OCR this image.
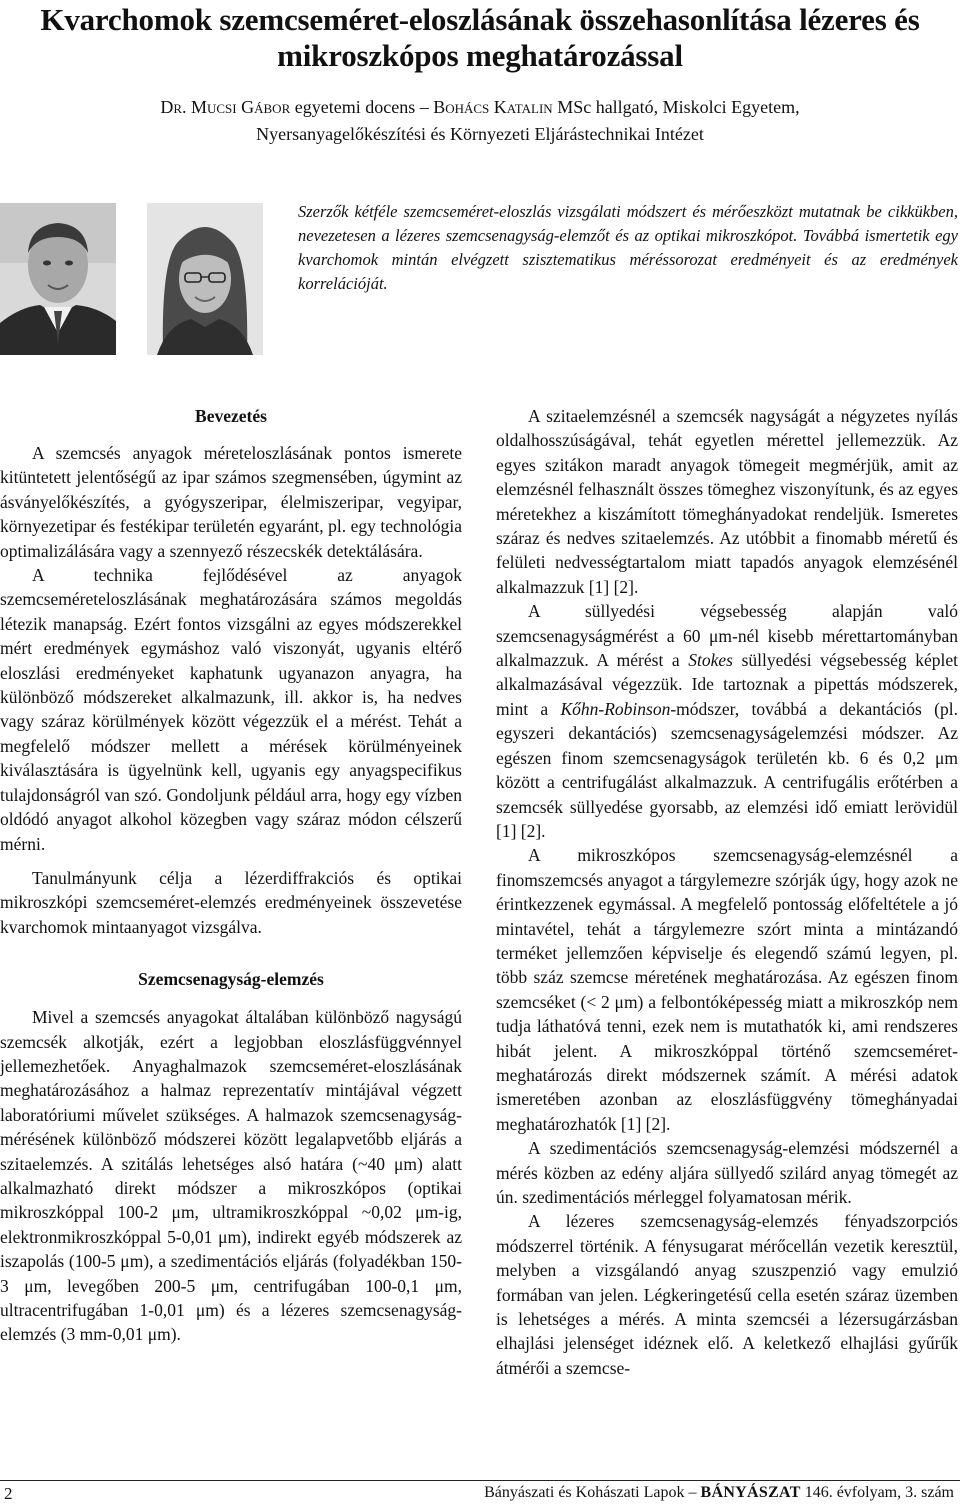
Kvarchomok szemcseméret-eloszlásának összehasonlítása lézeres és mikroszkópos meghatározással
Dr. Mucsi Gábor egyetemi docens – Bohács Katalin MSc hallgató, Miskolci Egyetem,
Nyersanyagelőkészítési és Környezeti Eljárástechnikai Intézet
Szerzők kétféle szemcseméret-eloszlás vizsgálati módszert és mérőeszközt mutatnak be cikkükben, nevezetesen a lézeres szemcsenagyság-elemzőt és az optikai mikroszkópot. Továbbá ismertetik egy kvarchomok mintán elvégzett szisztematikus méréssorozat eredményeit és az eredmények korrelációját.
Bevezetés

A szemcsés anyagok méreteloszlásának pontos ismerete kitüntetett jelentőségű az ipar számos szegmensében, úgymint az ásványelőkészítés, a gyógyszeripar, élelmiszeripar, vegyipar, környezetipar és festékipar területén egyaránt, pl. egy technológia optimalizálására vagy a szennyező részecskék detektálására.

A technika fejlődésével az anyagok szemcseméreteloszlásának meghatározására számos megoldás létezik manapság. Ezért fontos vizsgálni az egyes módszerekkel mért eredmények egymáshoz való viszonyát, ugyanis eltérő eloszlási eredményeket kaphatunk ugyanazon anyagra, ha különböző módszereket alkalmazunk, ill. akkor is, ha nedves vagy száraz körülmények között végezzük el a mérést. Tehát a megfelelő módszer mellett a mérések körülményeinek kiválasztására is ügyelnünk kell, ugyanis egy anyagspecifikus tulajdonságról van szó. Gondoljunk például arra, hogy egy vízben oldódó anyagot alkohol közegben vagy száraz módon célszerű mérni.

Tanulmányunk célja a lézerdiffrakciós és optikai mikroszkópi szemcseméret-elemzés eredményeinek összevetése kvarchomok mintaanyagot vizsgálva.

Szemcsenagyság-elemzés

Mivel a szemcsés anyagokat általában különböző nagyságú szemcsék alkotják, ezért a legjobban eloszlásfüggvénnyel jellemezhetőek. Anyaghalmazok szemcseméret-eloszlásának meghatározásához a halmaz reprezentatív mintájával végzett laboratóriumi művelet szükséges. A halmazok szemcsenagyság-mérésének különböző módszerei között legalapvetőbb eljárás a szitaelemzés. A szitálás lehetséges alsó határa (~40 μm) alatt alkalmazható direkt módszer a mikroszkópos (optikai mikroszkóppal 100-2 μm, ultramikroszkóppal ~0,02 μm-ig, elektronmikroszkóppal 5-0,01 μm), indirekt egyéb módszerek az iszapolás (100-5 μm), a szedimentációs eljárás (folyadékban 150-3 μm, levegőben 200-5 μm, centrifugában 100-0,1 μm, ultracentrifugában 1-0,01 μm) és a lézeres szemcsenagyság-elemzés (3 mm-0,01 μm).

A szitaelemzésnél a szemcsék nagyságát a négyzetes nyílás oldalhosszúságával, tehát egyetlen mérettel jellemezzük. Az egyes szitákon maradt anyagok tömegeit megmérjük, amit az elemzésnél felhasznált összes tömeghez viszonyítunk, és az egyes méretekhez a kiszámított tömeghányadokat rendeljük. Ismeretes száraz és nedves szitaelemzés. Az utóbbit a finomabb méretű és felületi nedvességtartalom miatt tapadós anyagok elemzésénél alkalmazzuk [1] [2].

A süllyedési végsebesség alapján való szemcsenagyságmérést a 60 μm-nél kisebb mérettartományban alkalmazzuk. A mérést a Stokes süllyedési végsebesség képlet alkalmazásával végezzük. Ide tartoznak a pipettás módszerek, mint a Kőhn-Robinson-módszer, továbbá a dekantációs (pl. egyszeri dekantációs) szemcsenagyságelemzési módszer. Az egészen finom szemcsenagyságok területén kb. 6 és 0,2 μm között a centrifugálást alkalmazzuk. A centrifugális erőtérben a szemcsék süllyedése gyorsabb, az elemzési idő emiatt lerövidül [1] [2].

A mikroszkópos szemcsenagyság-elemzésnél a finomszemcsés anyagot a tárgylemezre szórják úgy, hogy azok ne érintkezzenek egymással. A megfelelő pontosság előfeltétele a jó mintavétel, tehát a tárgylemezre szórt minta a mintázandó terméket jellemzően képviselje és elegendő számú legyen, pl. több száz szemcse méretének meghatározása. Az egészen finom szemcséket (< 2 μm) a felbontóképesség miatt a mikroszkóp nem tudja láthatóvá tenni, ezek nem is mutathatók ki, ami rendszeres hibát jelent. A mikroszkóppal történő szemcseméret-meghatározás direkt módszernek számít. A mérési adatok ismeretében azonban az eloszlásfüggvény tömeghányadai meghatározhatók [1] [2].

A szedimentációs szemcsenagyság-elemzési módszernél a mérés közben az edény aljára süllyedő szilárd anyag tömegét az ún. szedimentációs mérleggel folyamatosan mérik.

A lézeres szemcsenagyság-elemzés fényadszorpciós módszerrel történik. A fénysugarat mérőcellán vezetik keresztül, melyben a vizsgálandó anyag szuszpenzió vagy emulzió formában van jelen. Légkeringetésű cella esetén száraz üzemben is lehetséges a mérés. A minta szemcséi a lézersugárzásban elhajlási jelenséget idéznek elő. A keletkező elhajlási gyűrűk átmérői a szemcse-

2	Bányászati és Kohászati Lapok – BÁNYÁSZAT 146. évfolyam, 3. szám
